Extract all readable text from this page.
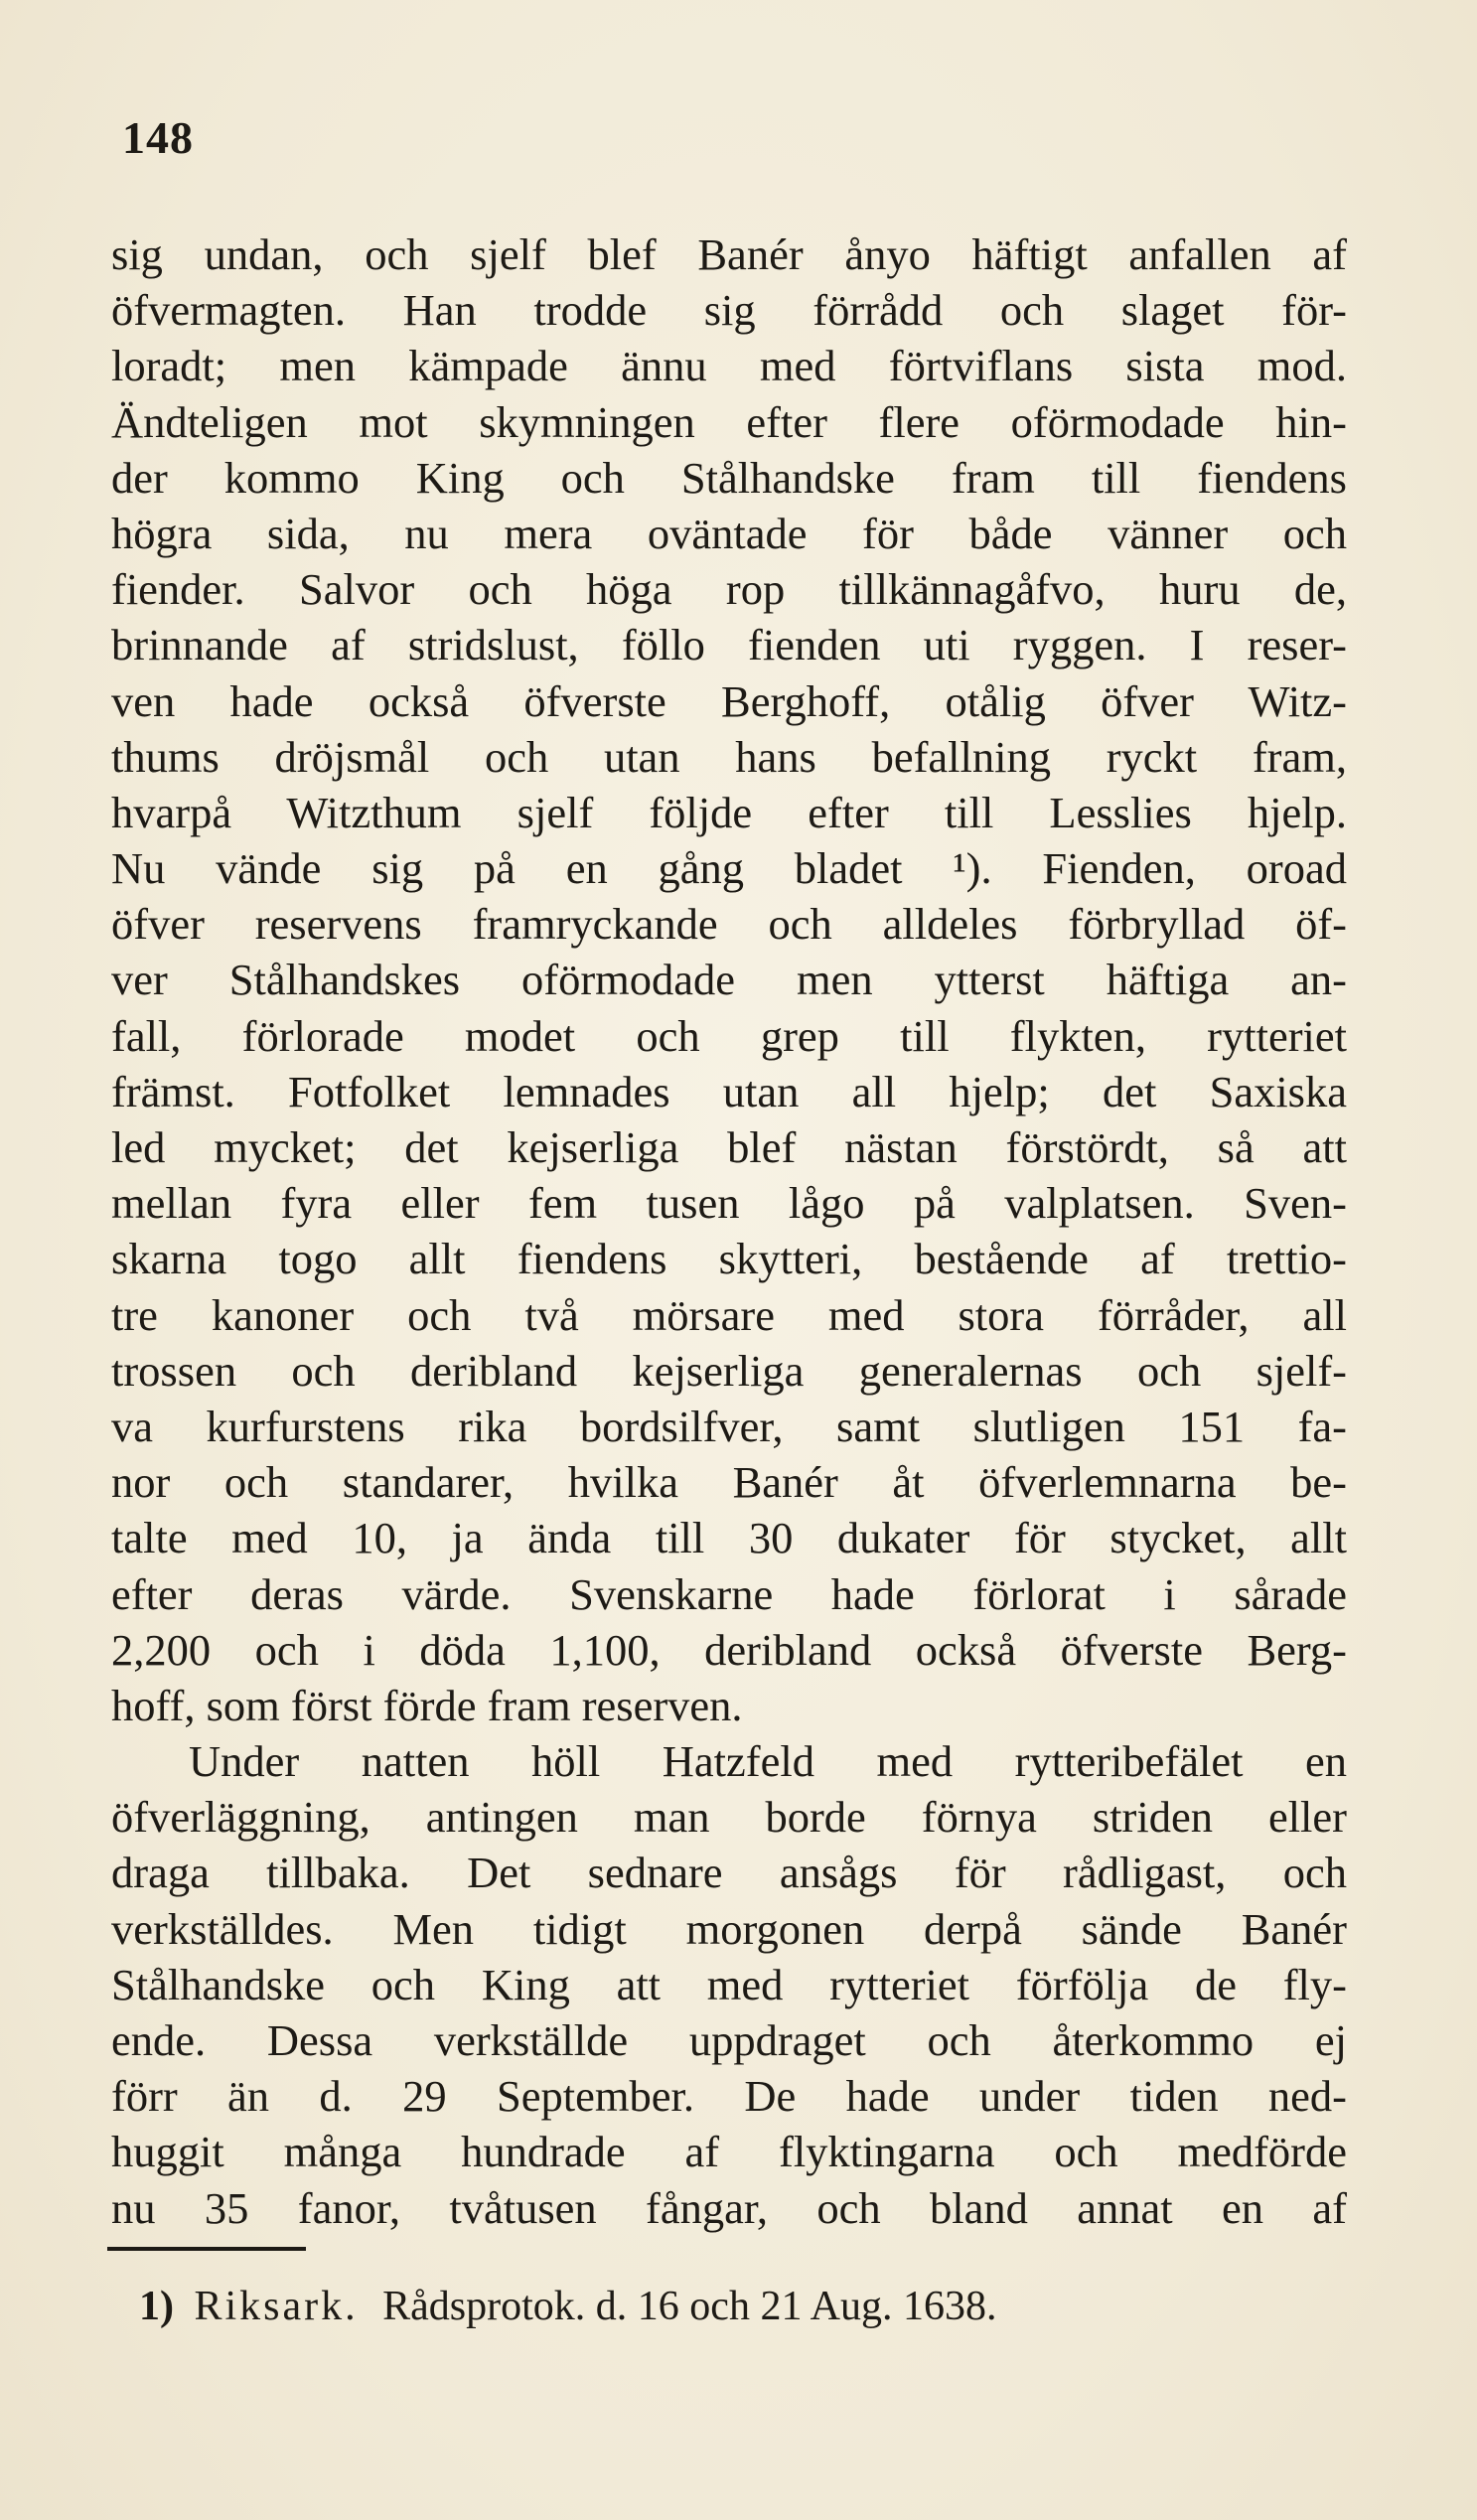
148
sig undan, och sjelf blef Banér ånyo häftigt anfallen af
öfvermagten. Han trodde sig förrådd och slaget för-
loradt; men kämpade ännu med förtviflans sista mod.
Ändteligen mot skymningen efter flere oförmodade hin-
der kommo King och Stålhandske fram till fiendens
högra sida, nu mera oväntade för både vänner och
fiender. Salvor och höga rop tillkännagåfvo, huru de,
brinnande af stridslust, föllo fienden uti ryggen. I reser-
ven hade också öfverste Berghoff, otålig öfver Witz-
thums dröjsmål och utan hans befallning ryckt fram,
hvarpå Witzthum sjelf följde efter till Lesslies hjelp.
Nu vände sig på en gång bladet ¹). Fienden, oroad
öfver reservens framryckande och alldeles förbryllad öf-
ver Stålhandskes oförmodade men ytterst häftiga an-
fall, förlorade modet och grep till flykten, rytteriet
främst. Fotfolket lemnades utan all hjelp; det Saxiska
led mycket; det kejserliga blef nästan förstördt, så att
mellan fyra eller fem tusen lågo på valplatsen. Sven-
skarna togo allt fiendens skytteri, bestående af trettio-
tre kanoner och två mörsare med stora förråder, all
trossen och deribland kejserliga generalernas och sjelf-
va kurfurstens rika bordsilfver, samt slutligen 151 fa-
nor och standarer, hvilka Banér åt öfverlemnarna be-
talte med 10, ja ända till 30 dukater för stycket, allt
efter deras värde. Svenskarne hade förlorat i sårade
2,200 och i döda 1,100, deribland också öfverste Berg-
hoff, som först förde fram reserven.
Under natten höll Hatzfeld med rytteribefälet en
öfverläggning, antingen man borde förnya striden eller
draga tillbaka. Det sednare ansågs för rådligast, och
verkställdes. Men tidigt morgonen derpå sände Banér
Stålhandske och King att med rytteriet förfölja de fly-
ende. Dessa verkställde uppdraget och återkommo ej
förr än d. 29 September. De hade under tiden ned-
huggit många hundrade af flyktingarna och medförde
nu 35 fanor, tvåtusen fångar, och bland annat en af
1) Riksark. Rådsprotok. d. 16 och 21 Aug. 1638.
